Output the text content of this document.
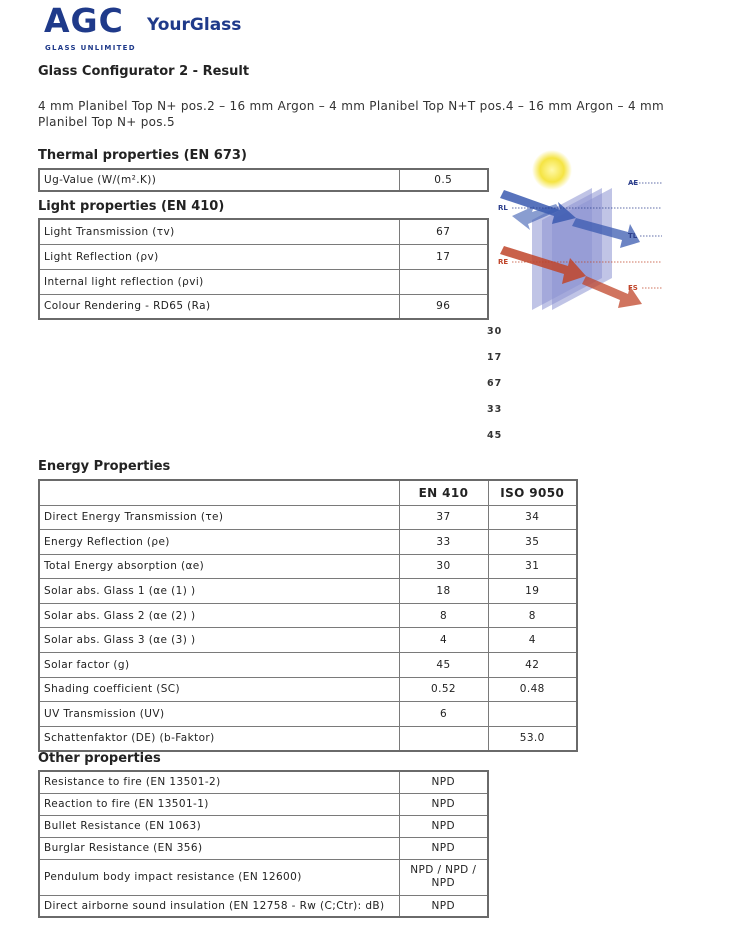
AGC YourGlass
GLASS UNLIMITED
Glass Configurator 2 - Result
4 mm Planibel Top N+ pos.2 – 16 mm Argon – 4 mm Planibel Top N+T pos.4 – 16 mm Argon – 4 mm Planibel Top N+ pos.5
Thermal properties (EN 673)
Ug-Value (W/(m².K))	0.5
Light properties (EN 410)
Light Transmission (τv)	67
Light Reflection (ρv)	17
Internal light reflection (ρvi)	
Colour Rendering - RD65 (Ra)	96
30
17
67
33
45
AE
RL
TL
RE
FS
Energy Properties
	EN 410	ISO 9050
Direct Energy Transmission (τe)	37	34
Energy Reflection (ρe)	33	35
Total Energy absorption (αe)	30	31
Solar abs. Glass 1 (αe (1) )	18	19
Solar abs. Glass 2 (αe (2) )	8	8
Solar abs. Glass 3 (αe (3) )	4	4
Solar factor (g)	45	42
Shading coefficient (SC)	0.52	0.48
UV Transmission (UV)	6	
Schattenfaktor (DE) (b-Faktor)		53.0
Other properties
Resistance to fire (EN 13501-2)	NPD
Reaction to fire (EN 13501-1)	NPD
Bullet Resistance (EN 1063)	NPD
Burglar Resistance (EN 356)	NPD
Pendulum body impact resistance (EN 12600)	NPD / NPD / NPD
Direct airborne sound insulation (EN 12758 - Rw (C;Ctr): dB)	NPD
